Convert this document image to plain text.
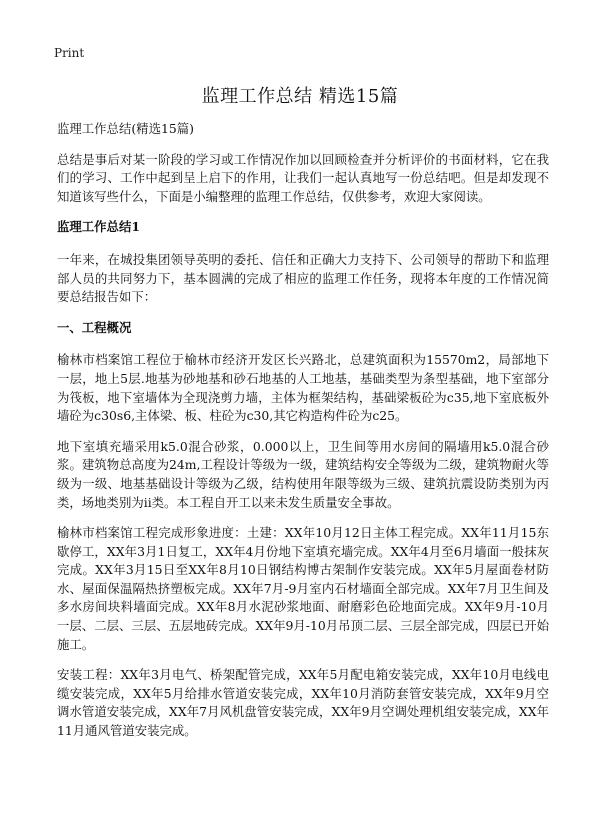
Print
监理工作总结 精选15篇

监理工作总结(精选15篇)

总结是事后对某一阶段的学习或工作情况作加以回顾检查并分析评价的书面材料，它在我们的学习、工作中起到呈上启下的作用，让我们一起认真地写一份总结吧。但是却发现不知道该写些什么，下面是小编整理的监理工作总结，仅供参考，欢迎大家阅读。

监理工作总结1

一年来，在城投集团领导英明的委托、信任和正确大力支持下、公司领导的帮助下和监理部人员的共同努力下，基本圆满的完成了相应的监理工作任务，现将本年度的工作情况简要总结报告如下：

一、工程概况

榆林市档案馆工程位于榆林市经济开发区长兴路北，总建筑面积为15570m2，局部地下一层，地上5层.地基为砂地基和砂石地基的人工地基，基础类型为条型基础，地下室部分为筏板，地下室墙体为全现浇剪力墙，主体为框架结构，基础梁板砼为c35,地下室底板外墙砼为c30s6,主体梁、板、柱砼为c30,其它构造构件砼为c25。

地下室填充墙采用k5.0混合砂浆，0.000以上，卫生间等用水房间的隔墙用k5.0混合砂浆。建筑物总高度为24m,工程设计等级为一级，建筑结构安全等级为二级，建筑物耐火等级为一级、地基基础设计等级为乙级，结构使用年限等级为三级、建筑抗震设防类别为丙类，场地类别为ii类。本工程自开工以来未发生质量安全事故。

榆林市档案馆工程完成形象进度：土建：XX年10月12日主体工程完成。XX年11月15东歇停工，XX年3月1日复工，XX年4月份地下室填充墙完成。XX年4月至6月墙面一般抹灰完成。XX年3月15日至XX年8月10日钢结构博古架制作安装完成。XX年5月屋面卷材防水、屋面保温隔热挤塑板完成。XX年7月-9月室内石材墙面全部完成。XX年7月卫生间及多水房间块料墙面完成。XX年8月水泥砂浆地面、耐磨彩色砼地面完成。XX年9月-10月一层、二层、三层、五层地砖完成。XX年9月-10月吊顶二层、三层全部完成，四层已开始施工。

安装工程：XX年3月电气、桥架配管完成，XX年5月配电箱安装完成，XX年10月电线电缆安装完成，XX年5月给排水管道安装完成，XX年10月消防套管安装完成，XX年9月空调水管道安装完成，XX年7月风机盘管安装完成，XX年9月空调处理机组安装完成，XX年11月通风管道安装完成。
